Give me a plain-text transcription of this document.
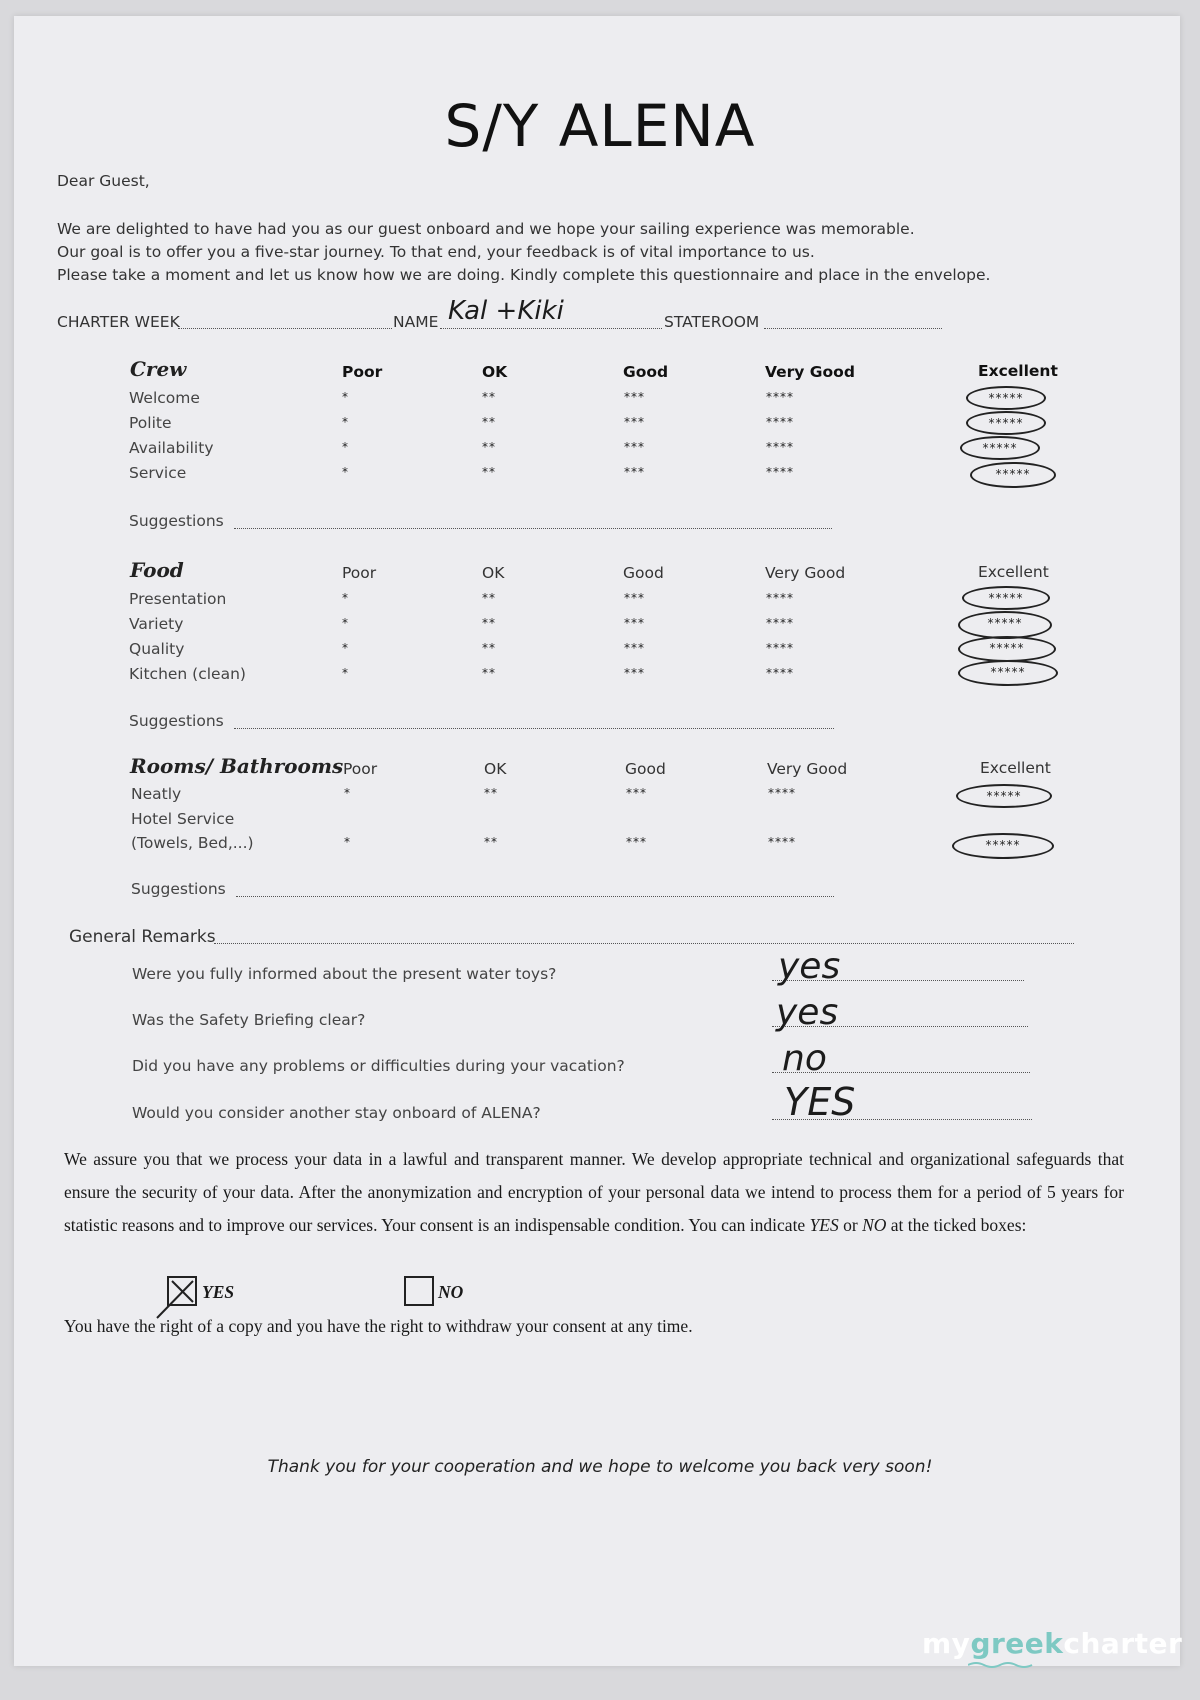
S/Y ALENA
Dear Guest,
We are delighted to have had you as our guest onboard and we hope your sailing experience was memorable.
Our goal is to offer you a five-star journey. To that end, your feedback is of vital importance to us.
Please take a moment and let us know how we are doing. Kindly complete this questionnaire and place in the envelope.
CHARTER WEEK	NAME Kal +Kiki	STATEROOM
Crew	Poor	OK	Good	Very Good	Excellent
Welcome	*	**	***	****	*****
Polite	*	**	***	****	*****
Availability	*	**	***	****	*****
Service	*	**	***	****	*****
Suggestions
Food	Poor	OK	Good	Very Good	Excellent
Presentation	*	**	***	****	*****
Variety	*	**	***	****	*****
Quality	*	**	***	****	*****
Kitchen (clean)	*	**	***	****	*****
Suggestions
Rooms/ Bathrooms Poor	OK	Good	Very Good	Excellent
Neatly	*	**	***	****	*****
Hotel Service
(Towels, Bed,...)	*	**	***	****	*****
Suggestions
General Remarks
Were you fully informed about the present water toys?	yes
Was the Safety Briefing clear?	yes
Did you have any problems or difficulties during your vacation?	no
Would you consider another stay onboard of ALENA?	YES
We assure you that we process your data in a lawful and transparent manner. We develop appropriate technical and organizational safeguards that ensure the security of your data. After the anonymization and encryption of your personal data we intend to process them for a period of 5 years for statistic reasons and to improve our services. Your consent is an indispensable condition. You can indicate YES or NO at the ticked boxes:
YES	NO
You have the right of a copy and you have the right to withdraw your consent at any time.
Thank you for your cooperation and we hope to welcome you back very soon!
mygreekcharter
